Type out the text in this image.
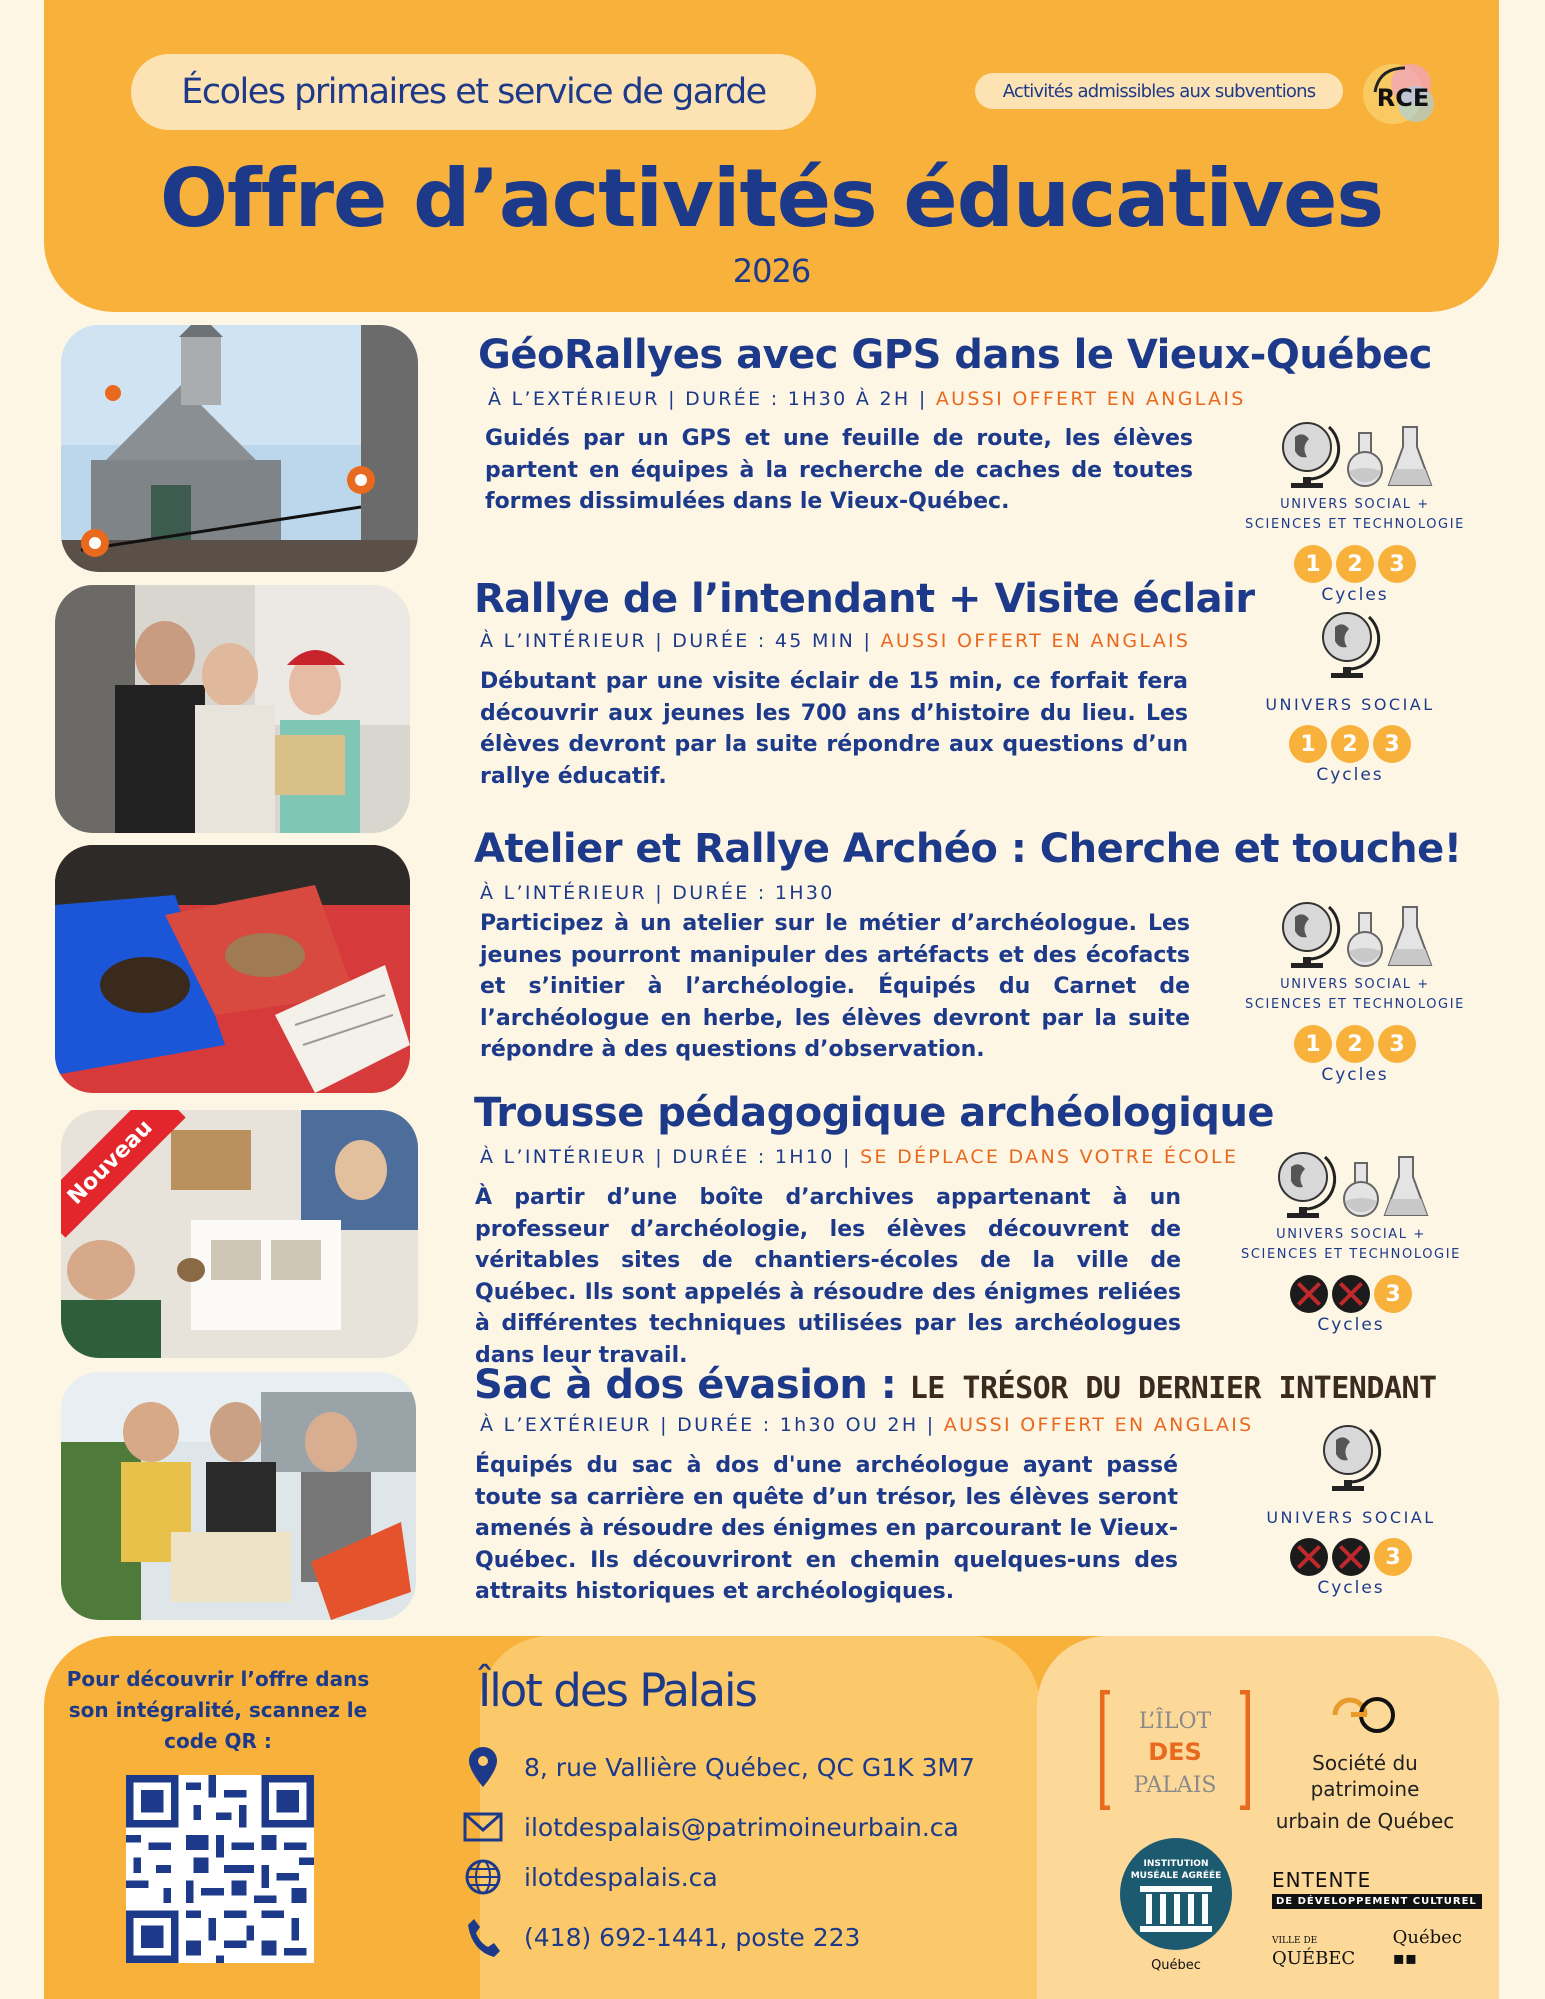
Écoles primaires et service de garde	Activités admissibles aux subventions	RCE
Offre d’activités éducatives
2026
GéoRallyes avec GPS dans le Vieux-Québec
À L’EXTÉRIEUR | DURÉE : 1H30 À 2H | AUSSI OFFERT EN ANGLAIS
Guidés par un GPS et une feuille de route, les élèves partent en équipes à la recherche de caches de toutes formes dissimulées dans le Vieux-Québec.	UNIVERS SOCIAL +
SCIENCES ET TECHNOLOGIE
1	2	3
Cycles
Rallye de l’intendant + Visite éclair
À L’INTÉRIEUR | DURÉE : 45 MIN | AUSSI OFFERT EN ANGLAIS
Débutant par une visite éclair de 15 min, ce forfait fera découvrir aux jeunes les 700 ans d’histoire du lieu. Les élèves devront par la suite répondre aux questions d’un rallye éducatif.
UNIVERS SOCIAL
1	2	3
Cycles
Atelier et Rallye Archéo : Cherche et touche!
À L’INTÉRIEUR | DURÉE : 1H30
Participez à un atelier sur le métier d’archéologue. Les jeunes pourront manipuler des artéfacts et des écofacts et s’initier à l’archéologie. Équipés du Carnet de l’archéologue en herbe, les élèves devront par la suite répondre à des questions d’observation.
UNIVERS SOCIAL +
SCIENCES ET TECHNOLOGIE
1	2	3
Cycles
Nouveau
Trousse pédagogique archéologique
À L’INTÉRIEUR | DURÉE : 1H10 | SE DÉPLACE DANS VOTRE ÉCOLE
À partir d’une boîte d’archives appartenant à un professeur d’archéologie, les élèves découvrent de véritables sites de chantiers-écoles de la ville de Québec. Ils sont appelés à résoudre des énigmes reliées à différentes techniques utilisées par les archéologues dans leur travail.
UNIVERS SOCIAL +
SCIENCES ET TECHNOLOGIE
3
Cycles
Sac à dos évasion : LE TRÉSOR DU DERNIER INTENDANT
À L’EXTÉRIEUR | DURÉE : 1h30 OU 2H | AUSSI OFFERT EN ANGLAIS
Équipés du sac à dos d'une archéologue ayant passé toute sa carrière en quête d’un trésor, les élèves seront amenés à résoudre des énigmes en parcourant le Vieux-Québec. Ils découvriront en chemin quelques-uns des attraits historiques et archéologiques.
UNIVERS SOCIAL
3
Cycles
Pour découvrir l’offre dans son intégralité, scannez le code QR :
Îlot des Palais
8, rue Vallière Québec, QC G1K 3M7
ilotdespalais@patrimoineurbain.ca
ilotdespalais.ca
(418) 692-1441, poste 223
L’ÎLOT
DES
PALAIS
Société du patrimoine
urbain de Québec
INSTITUTION
MUSÉALE AGRÉÉE
Québec
ENTENTE
DE DÉVELOPPEMENT CULTUREL
VILLE DE QUÉBEC
Québec ▪▪
